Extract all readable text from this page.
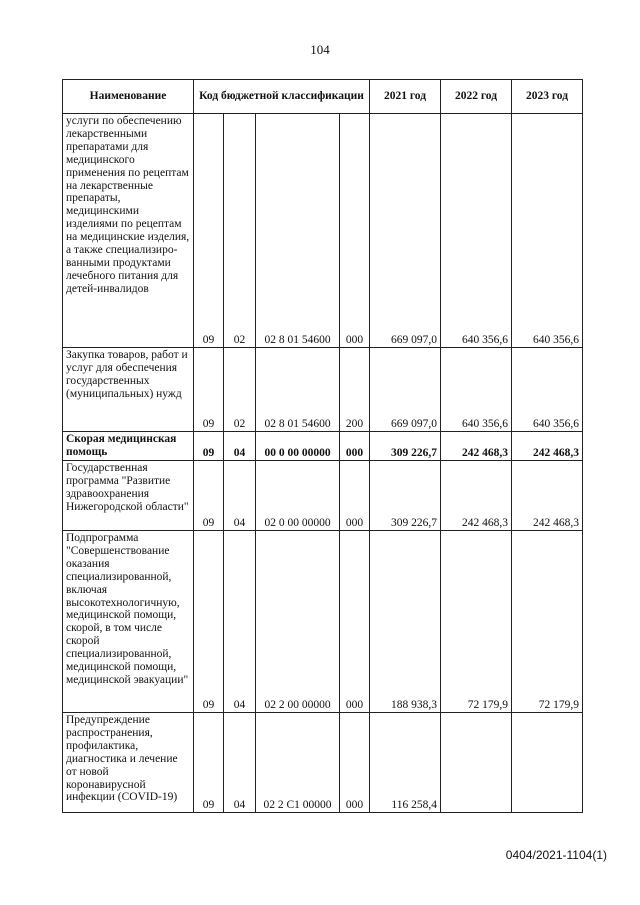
104
Наименование	Код бюджетной классификации				2021 год	2022 год	2023 год
услуги по обеспечению лекарственными препаратами для медицинского применения по рецептам на лекарственные препараты, медицинскими изделиями по рецептам на медицинские изделия, а также специализиро-ванными продуктами лечебного питания для детей-инвалидов	09	02	02 8 01 54600	000	669 097,0	640 356,6	640 356,6
Закупка товаров, работ и услуг для обеспечения государственных (муниципальных) нужд	09	02	02 8 01 54600	200	669 097,0	640 356,6	640 356,6
Скорая медицинская помощь	09	04	00 0 00 00000	000	309 226,7	242 468,3	242 468,3
Государственная программа "Развитие здравоохранения Нижегородской области"	09	04	02 0 00 00000	000	309 226,7	242 468,3	242 468,3
Подпрограмма "Совершенствование оказания специализированной, включая высокотехнологичную, медицинской помощи, скорой, в том числе скорой специализированной, медицинской помощи, медицинской эвакуации"	09	04	02 2 00 00000	000	188 938,3	72 179,9	72 179,9
Предупреждение распространения, профилактика, диагностика и лечение от новой коронавирусной инфекции (COVID-19)	09	04	02 2 C1 00000	000	116 258,4		
0404/2021-1104(1)
